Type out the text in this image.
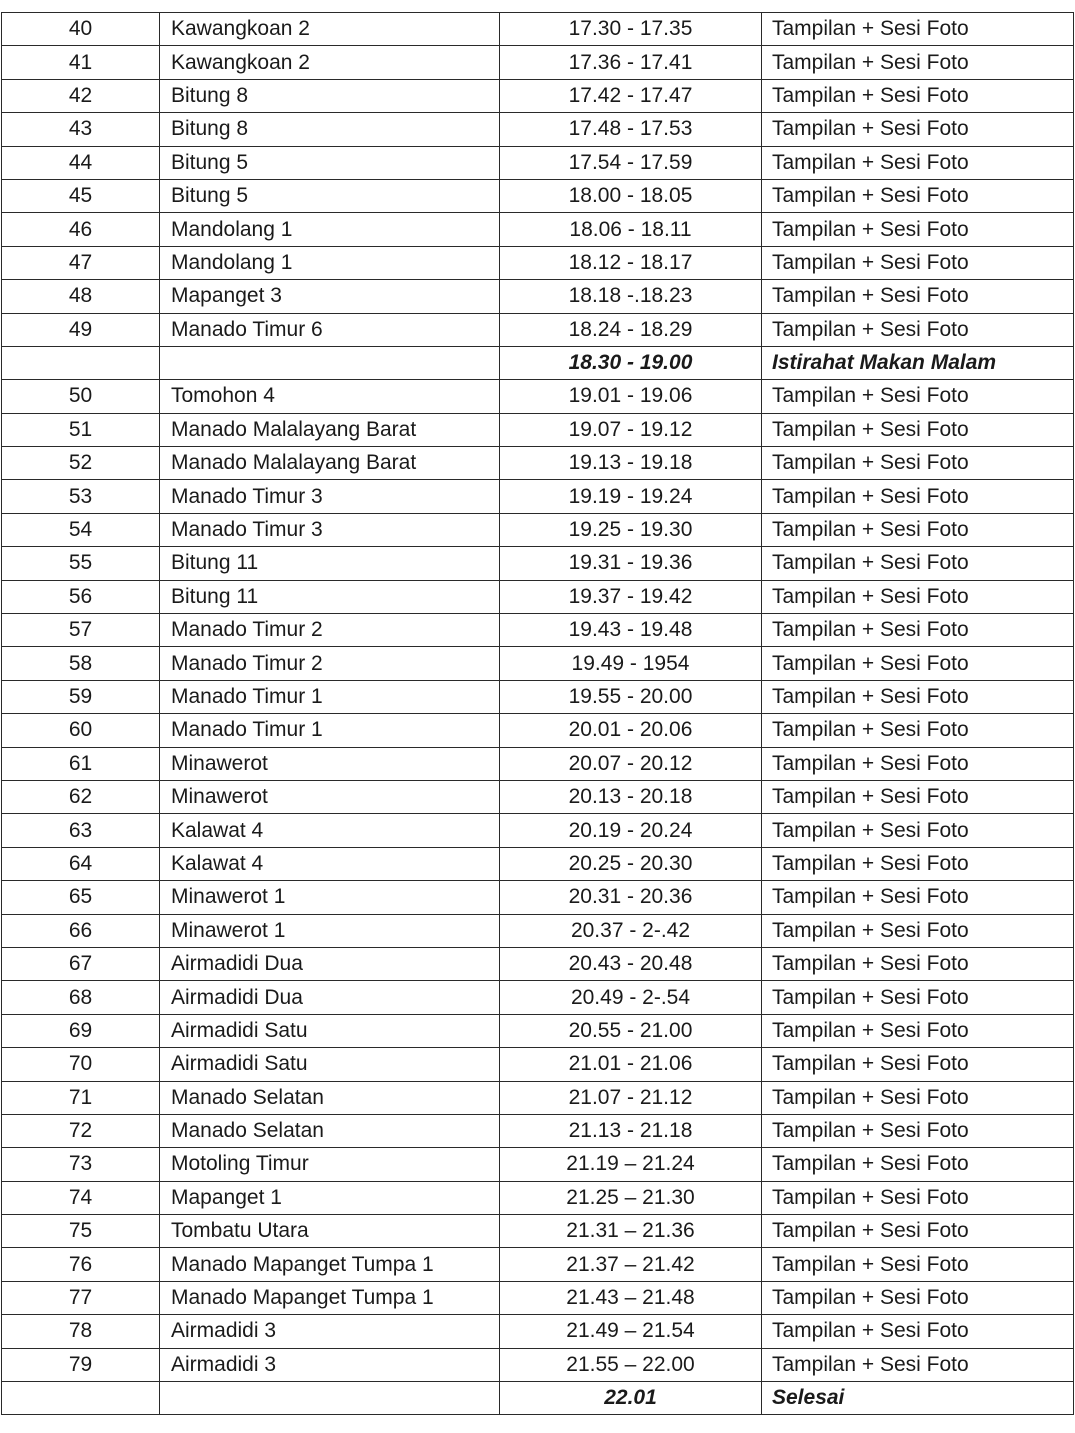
40	Kawangkoan 2	17.30 - 17.35	Tampilan + Sesi Foto
41	Kawangkoan 2	17.36 - 17.41	Tampilan + Sesi Foto
42	Bitung 8	17.42 - 17.47	Tampilan + Sesi Foto
43	Bitung 8	17.48 - 17.53	Tampilan + Sesi Foto
44	Bitung 5	17.54 - 17.59	Tampilan + Sesi Foto
45	Bitung 5	18.00 - 18.05	Tampilan + Sesi Foto
46	Mandolang 1	18.06 - 18.11	Tampilan + Sesi Foto
47	Mandolang 1	18.12 - 18.17	Tampilan + Sesi Foto
48	Mapanget 3	18.18 -.18.23	Tampilan + Sesi Foto
49	Manado Timur 6	18.24 - 18.29	Tampilan + Sesi Foto
		18.30 - 19.00	Istirahat Makan Malam
50	Tomohon 4	19.01 - 19.06	Tampilan + Sesi Foto
51	Manado Malalayang Barat	19.07 - 19.12	Tampilan + Sesi Foto
52	Manado Malalayang Barat	19.13 - 19.18	Tampilan + Sesi Foto
53	Manado Timur 3	19.19 - 19.24	Tampilan + Sesi Foto
54	Manado Timur 3	19.25 - 19.30	Tampilan + Sesi Foto
55	Bitung 11	19.31 - 19.36	Tampilan + Sesi Foto
56	Bitung 11	19.37 - 19.42	Tampilan + Sesi Foto
57	Manado Timur 2	19.43 - 19.48	Tampilan + Sesi Foto
58	Manado Timur 2	19.49 - 1954	Tampilan + Sesi Foto
59	Manado Timur 1	19.55 - 20.00	Tampilan + Sesi Foto
60	Manado Timur 1	20.01 - 20.06	Tampilan + Sesi Foto
61	Minawerot	20.07 - 20.12	Tampilan + Sesi Foto
62	Minawerot	20.13 - 20.18	Tampilan + Sesi Foto
63	Kalawat 4	20.19 - 20.24	Tampilan + Sesi Foto
64	Kalawat 4	20.25 - 20.30	Tampilan + Sesi Foto
65	Minawerot 1	20.31 - 20.36	Tampilan + Sesi Foto
66	Minawerot 1	20.37 - 2-.42	Tampilan + Sesi Foto
67	Airmadidi Dua	20.43 - 20.48	Tampilan + Sesi Foto
68	Airmadidi Dua	20.49 - 2-.54	Tampilan + Sesi Foto
69	Airmadidi Satu	20.55 - 21.00	Tampilan + Sesi Foto
70	Airmadidi Satu	21.01 - 21.06	Tampilan + Sesi Foto
71	Manado Selatan	21.07 - 21.12	Tampilan + Sesi Foto
72	Manado Selatan	21.13 - 21.18	Tampilan + Sesi Foto
73	Motoling Timur	21.19 – 21.24	Tampilan + Sesi Foto
74	Mapanget 1	21.25 – 21.30	Tampilan + Sesi Foto
75	Tombatu Utara	21.31 – 21.36	Tampilan + Sesi Foto
76	Manado Mapanget Tumpa 1	21.37 – 21.42	Tampilan + Sesi Foto
77	Manado Mapanget Tumpa 1	21.43 – 21.48	Tampilan + Sesi Foto
78	Airmadidi 3	21.49 – 21.54	Tampilan + Sesi Foto
79	Airmadidi 3	21.55 – 22.00	Tampilan + Sesi Foto
		22.01	Selesai
